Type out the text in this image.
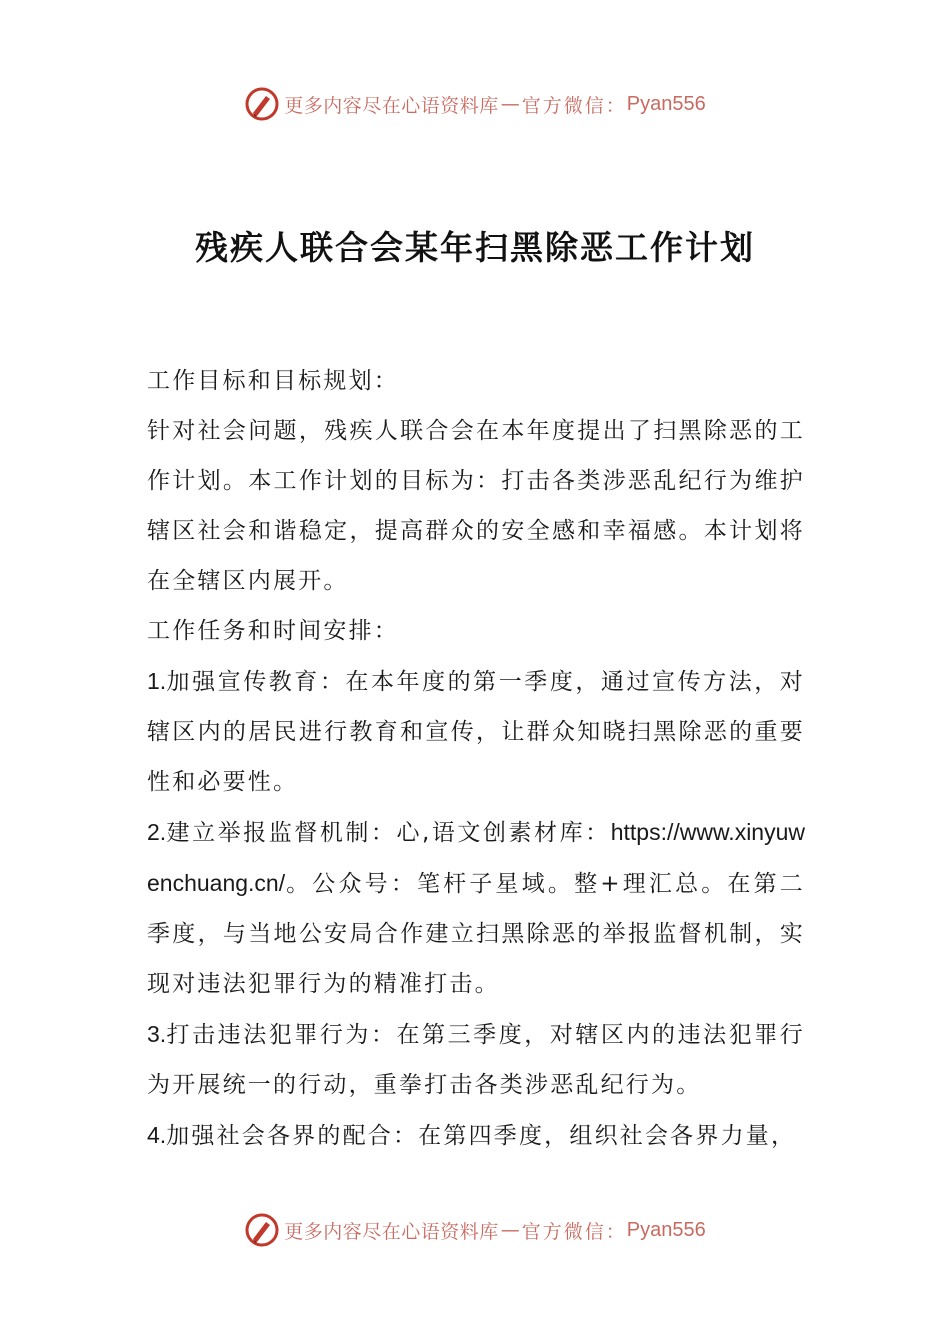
更多内容尽在心语资料库 — 官方微信： Pyan556
残疾人联合会某年扫黑除恶工作计划

工作目标和目标规划：

针对社会问题，残疾人联合会在本年度提出了扫黑除恶的工作计划。本工作计划的目标为：打击各类涉恶乱纪行为维护辖区社会和谐稳定，提高群众的安全感和幸福感。本计划将在全辖区内展开。

工作任务和时间安排：

1.加强宣传教育：在本年度的第一季度，通过宣传方法，对辖区内的居民进行教育和宣传，让群众知晓扫黑除恶的重要性和必要性。

2.建立举报监督机制：心,语文创素材库：https://www.xinyuwenchuang.cn/。公众号：笔杆子星域。整+理汇总。在第二季度，与当地公安局合作建立扫黑除恶的举报监督机制，实现对违法犯罪行为的精准打击。

3.打击违法犯罪行为：在第三季度，对辖区内的违法犯罪行为开展统一的行动，重拳打击各类涉恶乱纪行为。

4.加强社会各界的配合：在第四季度，组织社会各界力量，

更多内容尽在心语资料库 — 官方微信： Pyan556
